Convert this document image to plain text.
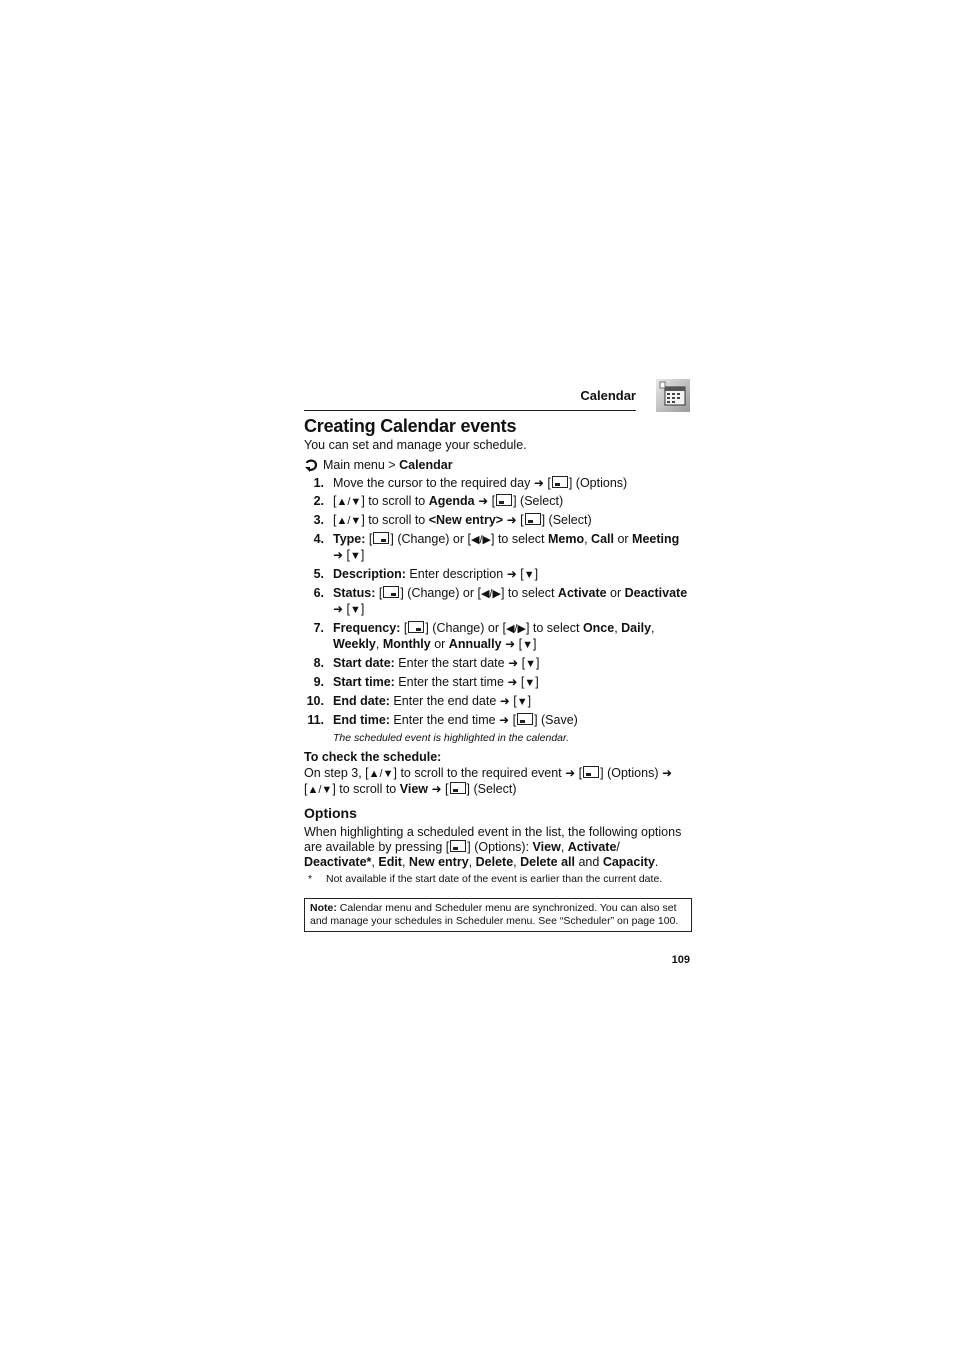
Calendar
Creating Calendar events

You can set and manage your schedule.

Main menu >
Calendar
1. Move the cursor to the required day ➜ [ ] (Options)
2. [▲/▼] to scroll to Agenda ➜ [ ] (Select)
3. [▲/▼] to scroll to <New entry> ➜ [ ] (Select)
4. Type: [ ] (Change) or [◀/▶] to select Memo, Call or Meeting ➜ [▼]
5. Description: Enter description ➜ [▼]
6. Status: [ ] (Change) or [◀/▶] to select Activate or Deactivate ➜ [▼]
7. Frequency: [ ] (Change) or [◀/▶] to select Once, Daily, Weekly, Monthly or Annually ➜ [▼]
8. Start date: Enter the start date ➜ [▼]
9. Start time: Enter the start time ➜ [▼]
10. End date: Enter the end date ➜ [▼]
11. End time: Enter the end time ➜ [ ] (Save)

The scheduled event is highlighted in the calendar.

To check the schedule:

On step 3, [▲/▼] to scroll to the required event ➜ [ ] (Options) ➜ [▲/▼] to scroll to View ➜ [ ] (Select)

Options

When highlighting a scheduled event in the list, the following options are available by pressing [ ] (Options): View, Activate/ Deactivate*, Edit, New entry, Delete, Delete all and Capacity.

*	Not available if the start date of the event is earlier than the current date.
Note: Calendar menu and Scheduler menu are synchronized. You can also set and manage your schedules in Scheduler menu. See “Scheduler” on page 100.
109
